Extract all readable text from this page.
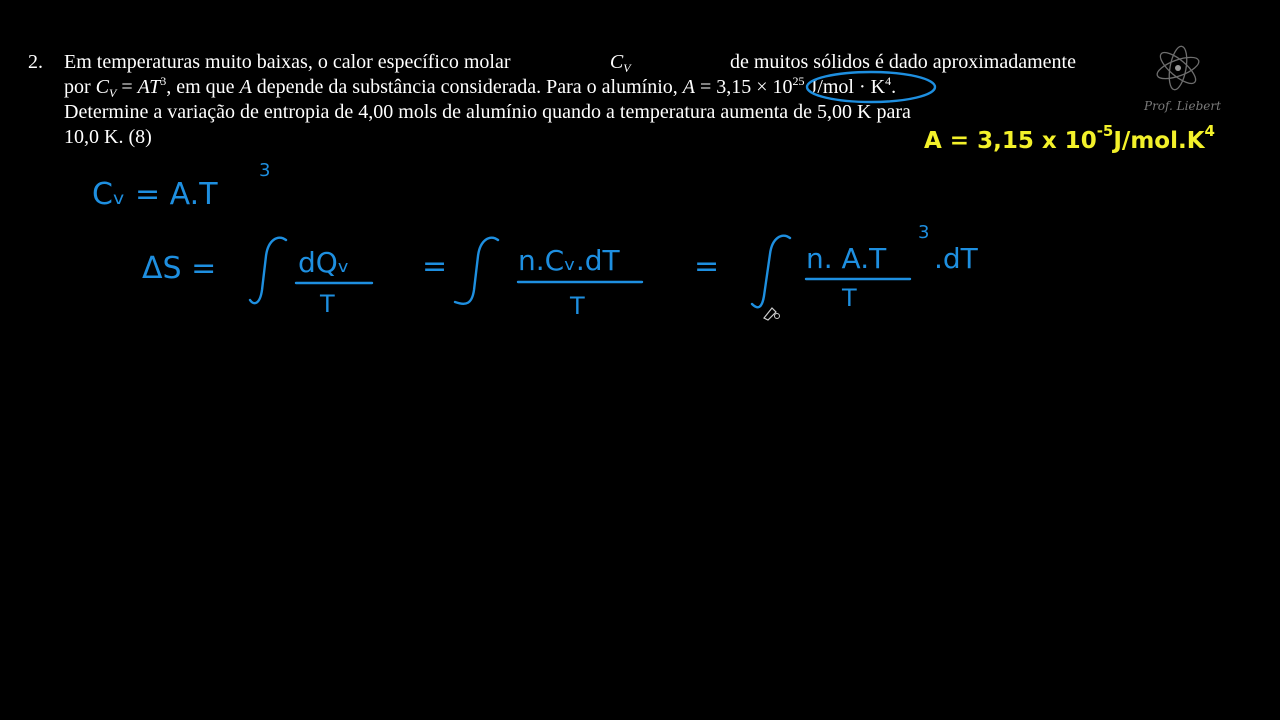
2. Em temperaturas muito baixas, o calor específico molar	$C_V$	de muitos sólidos é dado aproximadamente
por $C_V = AT^3$, em que A depende da substância considerada. Para o alumínio, $A = 3,15 \times 10^{25}$ $J/mol \cdot K^4$.
Determine a variação de entropia de 4,00 mols de alumínio quando a temperatura aumenta de 5,00 K para
10,0 K. (8)	A = 3,15 x $10^{-5}J/mol.K^4$
Prof. Liebert
Cᵥ = A.T
3
ΔS =	dQᵥ
T
=	n.Cᵥ.dT
T
=	n. A.T
3
.dT
T
